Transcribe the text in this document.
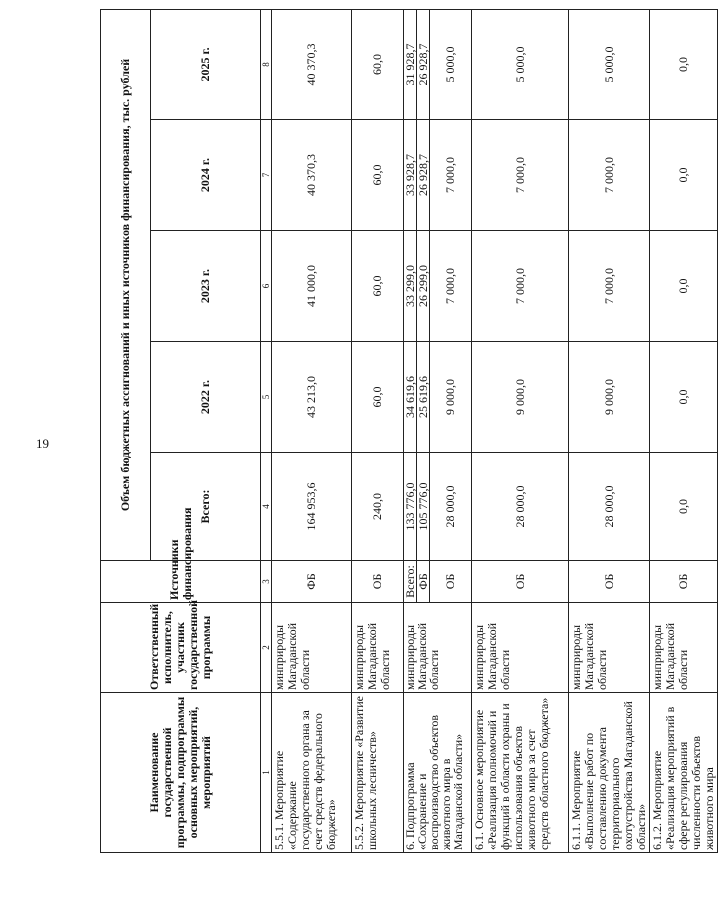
19
Наименование государственной программы, подпрограммы основных мероприятий, мероприятий	Ответственный исполнитель, участник государственной программы	Источники финансирования	Объем бюджетных ассигнований и иных источников финансирования, тыс. рублей				
			Всего:	2022 г.	2023 г.	2024 г.	2025 г.
1	2	3	4	5	6	7	8
5.5.1. Мероприятие «Содержание государственного органа за счет средств федерального бюджета»	минприроды Магаданской области	ФБ	164 953,6	43 213,0	41 000,0	40 370,3	40 370,3
5.5.2. Мероприятие «Развитие школьных лесничеств»	минприроды Магаданской области	ОБ	240,0	60,0	60,0	60,0	60,0
6. Подпрограмма «Сохранение и воспроизводство объектов животного мира в Магаданской области»	минприроды Магаданской области	Всего:	133 776,0	34 619,6	33 299,0	33 928,7	31 928,7
		ФБ	105 776,0	25 619,6	26 299,0	26 928,7	26 928,7
		ОБ	28 000,0	9 000,0	7 000,0	7 000,0	5 000,0
6.1. Основное мероприятие «Реализация полномочий и функций в области охраны и использования объектов животного мира за счет средств областного бюджета»	минприроды Магаданской области	ОБ	28 000,0	9 000,0	7 000,0	7 000,0	5 000,0
6.1.1. Мероприятие «Выполнение работ по составлению документа территориального охотустройства Магаданской области»	минприроды Магаданской области	ОБ	28 000,0	9 000,0	7 000,0	7 000,0	5 000,0
6.1.2. Мероприятие «Реализация мероприятий в сфере регулирования численности объектов животного мира	минприроды Магаданской области	ОБ	0,0	0,0	0,0	0,0	0,0
